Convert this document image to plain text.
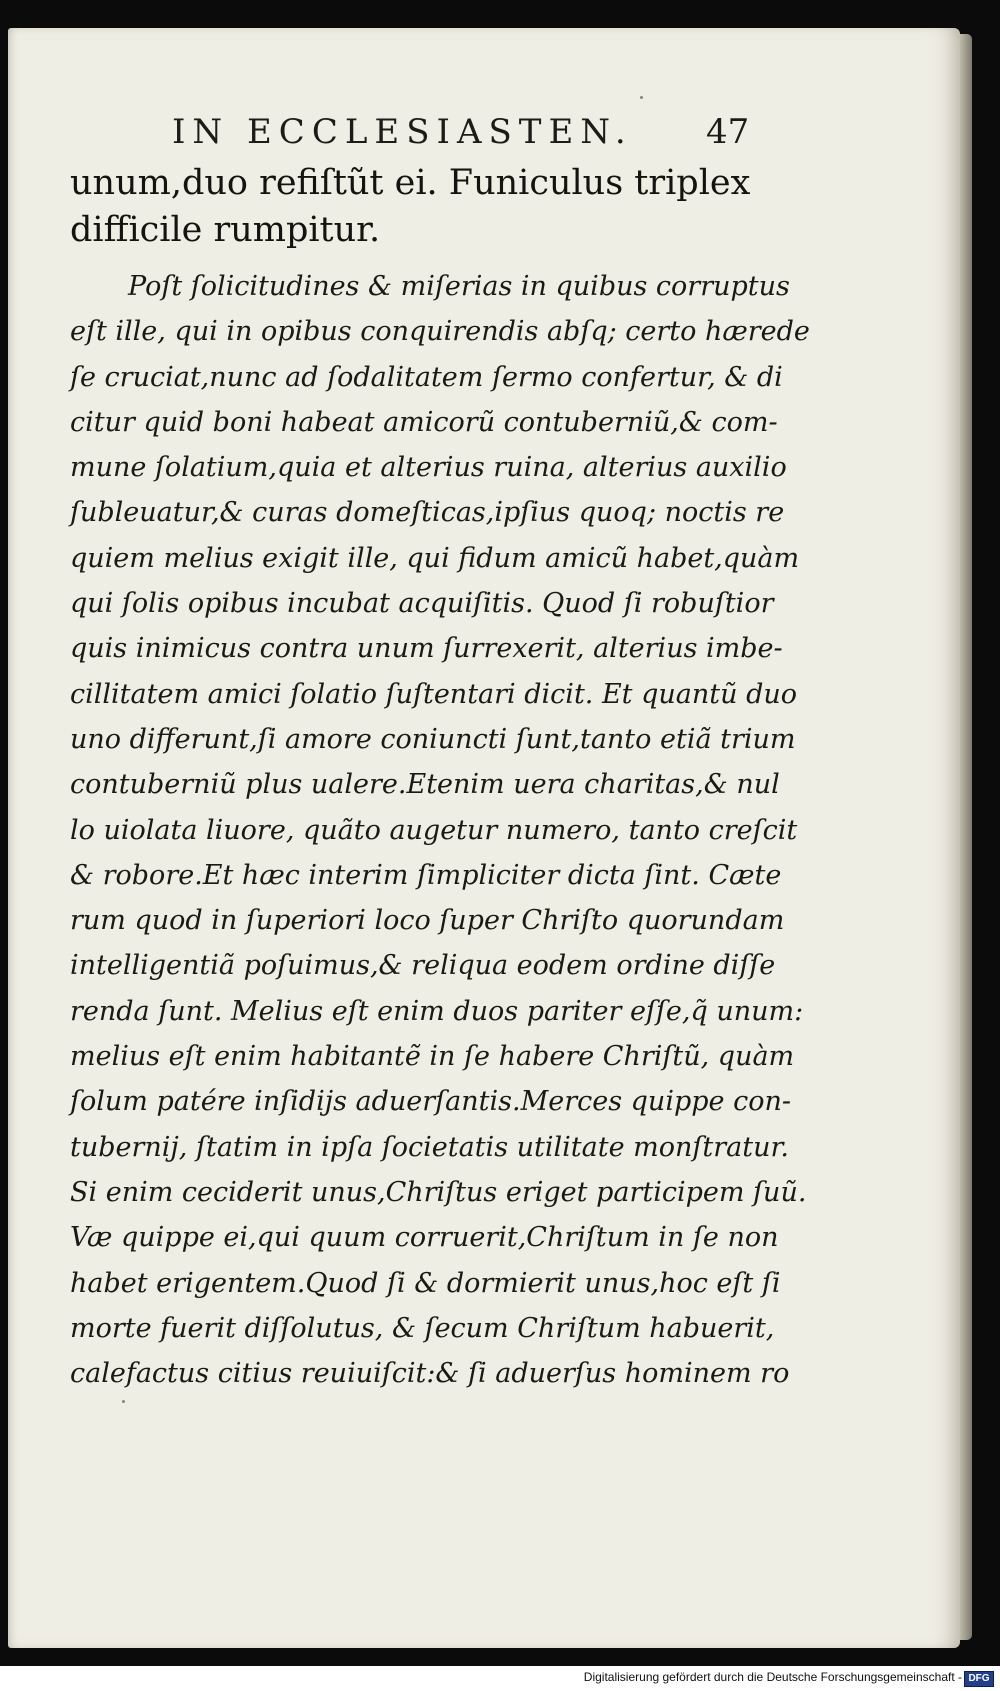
IN ECCLESIASTEN. 47
unum,duo refiſtũt ei. Funiculus triplex
difficile rumpitur.
Poſt ſolicitudines & miſerias in quibus corruptus
eſt ille, qui in opibus conquirendis abſq; certo hærede
ſe cruciat,nunc ad ſodalitatem ſermo confertur, & di
citur quid boni habeat amicorũ contuberniũ,& com-
mune ſolatium,quia et alterius ruina, alterius auxilio
ſubleuatur,& curas domeſticas,ipſius quoq; noctis re
quiem melius exigit ille, qui fidum amicũ habet,quàm
qui ſolis opibus incubat acquiſitis. Quod ſi robuſtior
quis inimicus contra unum ſurrexerit, alterius imbe-
cillitatem amici ſolatio ſuſtentari dicit. Et quantũ duo
uno differunt,ſi amore coniuncti ſunt,tanto etiã trium
contuberniũ plus ualere.Etenim uera charitas,& nul
lo uiolata liuore, quãto augetur numero, tanto creſcit
& robore.Et hæc interim ſimpliciter dicta ſint. Cæte
rum quod in ſuperiori loco ſuper Chriſto quorundam
intelligentiã poſuimus,& reliqua eodem ordine diſſe
renda ſunt. Melius eſt enim duos pariter eſſe,q̃ unum:
melius eſt enim habitantẽ in ſe habere Chriſtũ, quàm
ſolum patére inſidijs aduerſantis.Merces quippe con-
tubernij, ſtatim in ipſa ſocietatis utilitate monſtratur.
Si enim ceciderit unus,Chriſtus eriget participem ſuũ.
Væ quippe ei,qui quum corruerit,Chriſtum in ſe non
habet erigentem.Quod ſi & dormierit unus,hoc eſt ſi
morte fuerit diſſolutus, & ſecum Chriſtum habuerit,
calefactus citius reuiuiſcit:& ſi aduerſus hominem ro
Digitalisierung gefördert durch die Deutsche Forschungsgemeinschaft - DFG
